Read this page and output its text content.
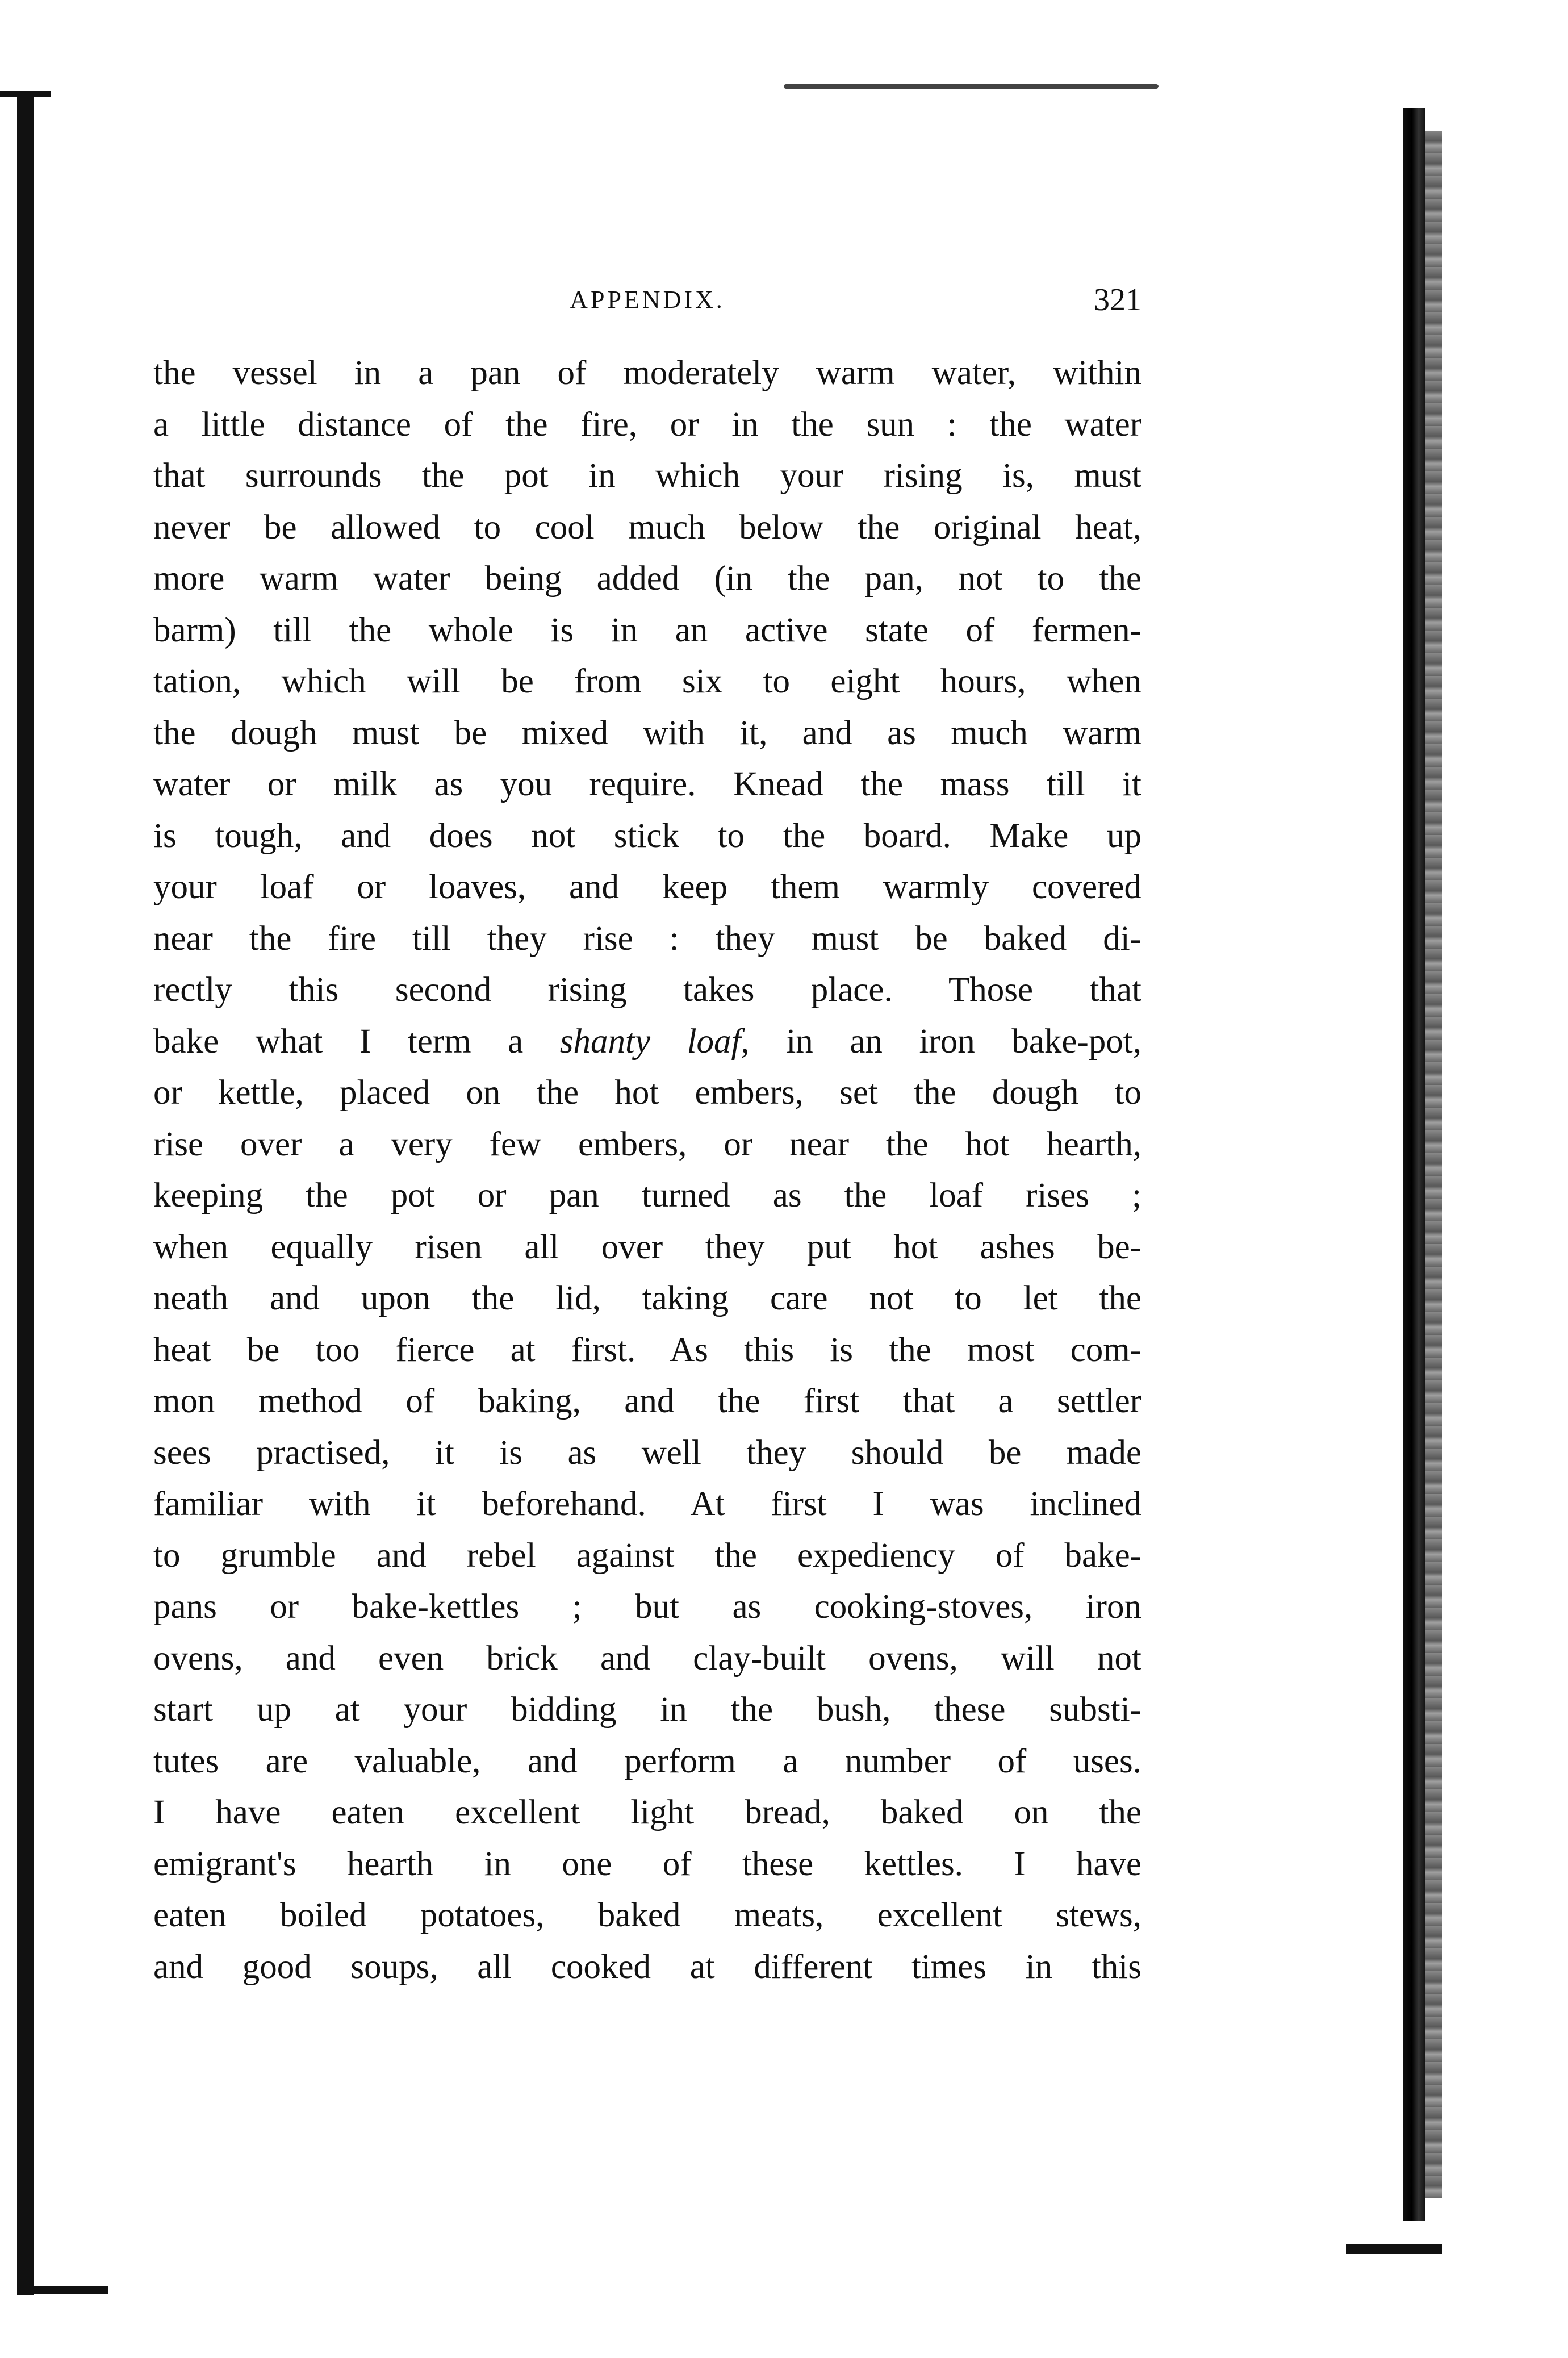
APPENDIX.	321
the vessel in a pan of moderately warm water, within
a little distance of the fire, or in the sun : the water
that surrounds the pot in which your rising is, must
never be allowed to cool much below the original heat,
more warm water being added (in the pan, not to the
barm) till the whole is in an active state of fermen-
tation, which will be from six to eight hours, when
the dough must be mixed with it, and as much warm
water or milk as you require. Knead the mass till it
is tough, and does not stick to the board. Make up
your loaf or loaves, and keep them warmly covered
near the fire till they rise : they must be baked di-
rectly this second rising takes place. Those that
bake what I term a shanty loaf, in an iron bake-pot,
or kettle, placed on the hot embers, set the dough to
rise over a very few embers, or near the hot hearth,
keeping the pot or pan turned as the loaf rises ;
when equally risen all over they put hot ashes be-
neath and upon the lid, taking care not to let the
heat be too fierce at first. As this is the most com-
mon method of baking, and the first that a settler
sees practised, it is as well they should be made
familiar with it beforehand. At first I was inclined
to grumble and rebel against the expediency of bake-
pans or bake-kettles ; but as cooking-stoves, iron
ovens, and even brick and clay-built ovens, will not
start up at your bidding in the bush, these substi-
tutes are valuable, and perform a number of uses.
I have eaten excellent light bread, baked on the
emigrant's hearth in one of these kettles. I have
eaten boiled potatoes, baked meats, excellent stews,
and good soups, all cooked at different times in this
